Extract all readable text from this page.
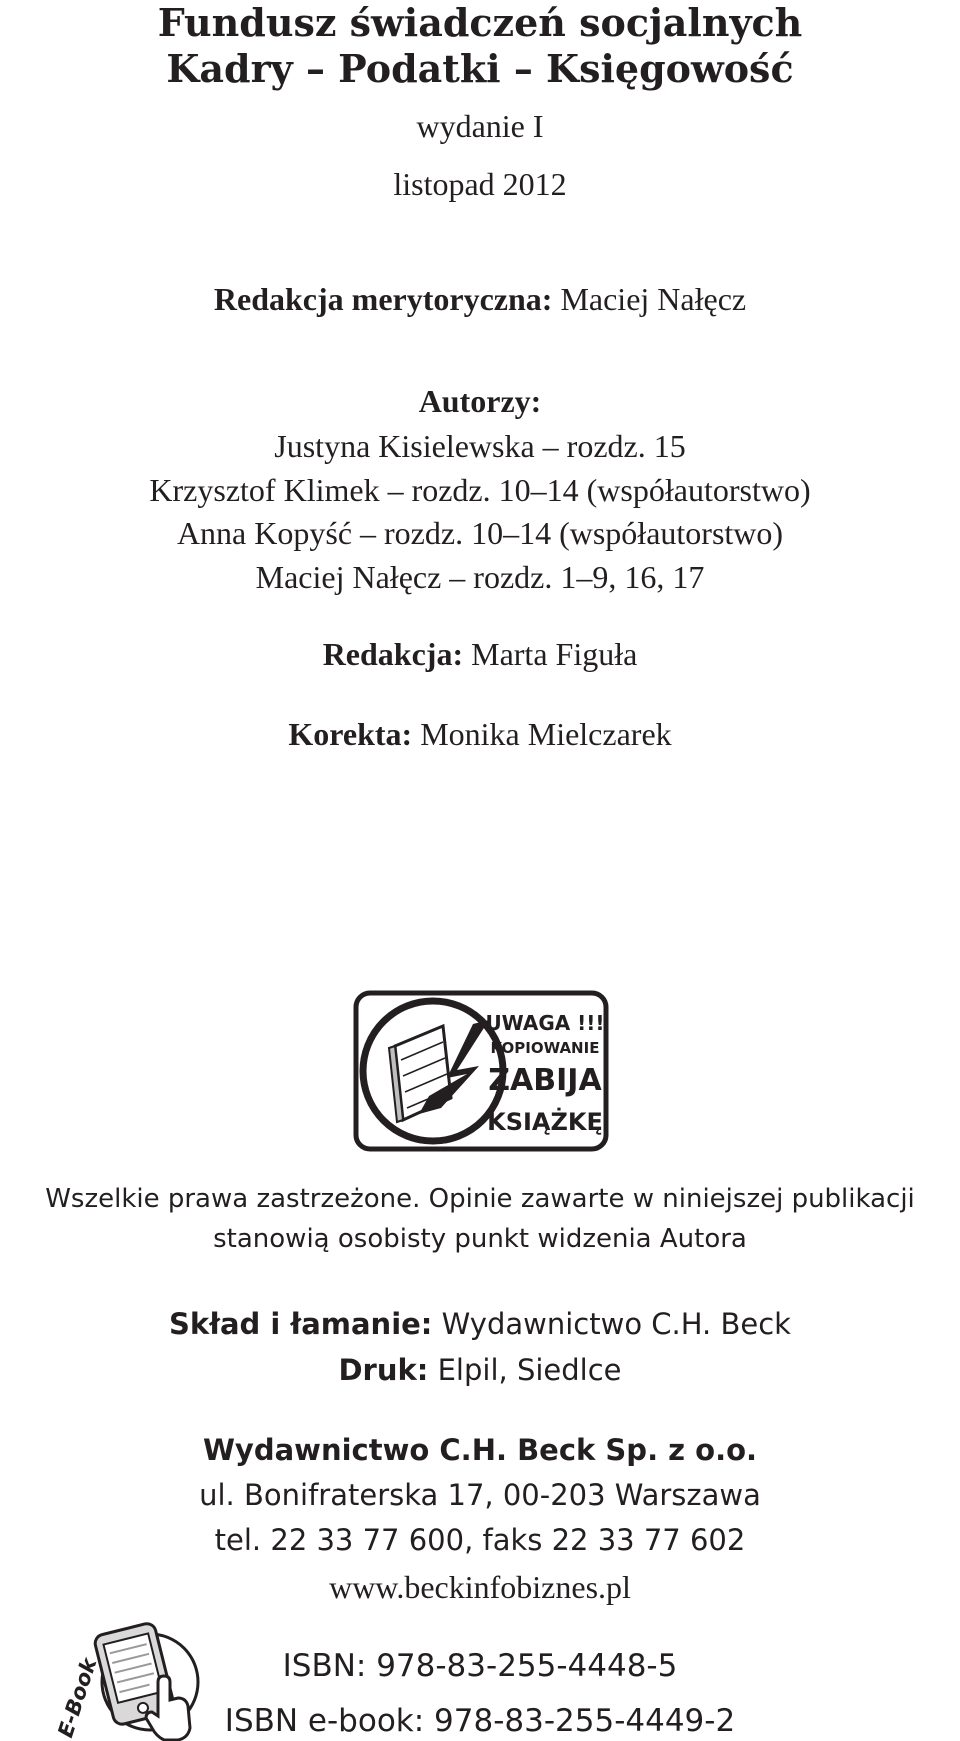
Fundusz świadczeń socjalnych
Kadry – Podatki – Księgowość
wydanie I
listopad 2012
Redakcja merytoryczna: Maciej Nałęcz
Autorzy:
Justyna Kisielewska – rozdz. 15
Krzysztof Klimek – rozdz. 10–14 (współautorstwo)
Anna Kopyść – rozdz. 10–14 (współautorstwo)
Maciej Nałęcz – rozdz. 1–9, 16, 17
Redakcja: Marta Figuła
Korekta: Monika Mielczarek
UWAGA !!!
KOPIOWANIE
ZABIJA
KSIĄŻKĘ
Wszelkie prawa zastrzeżone. Opinie zawarte w niniejszej publikacji
stanowią osobisty punkt widzenia Autora
Skład i łamanie: Wydawnictwo C.H. Beck
Druk: Elpil, Siedlce
Wydawnictwo C.H. Beck Sp. z o.o.
ul. Bonifraterska 17, 00-203 Warszawa
tel. 22 33 77 600, faks 22 33 77 602
www.beckinfobiznes.pl
E-Book	ISBN: 978-83-255-4448-5
ISBN e-book: 978-83-255-4449-2
